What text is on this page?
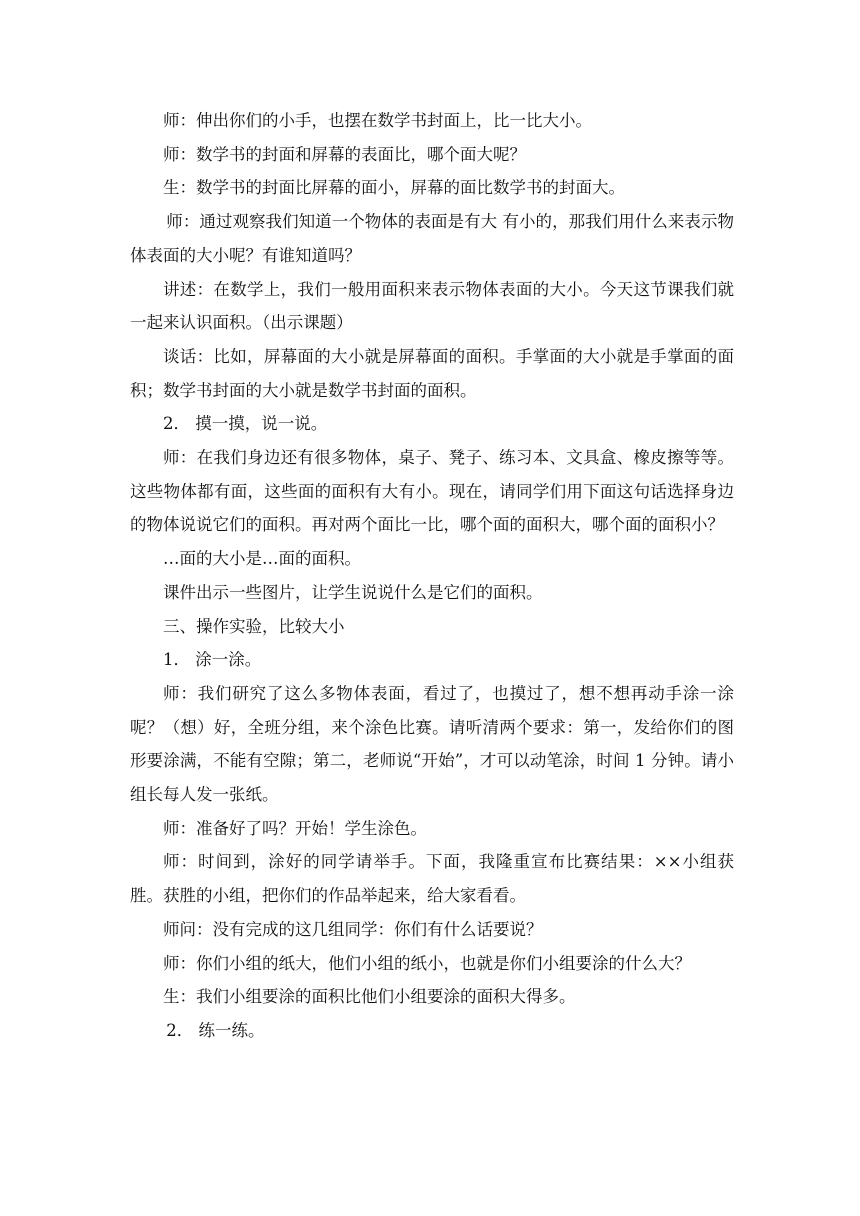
师：伸出你们的小手，也摆在数学书封面上，比一比大小。

师：数学书的封面和屏幕的表面比，哪个面大呢？

生：数学书的封面比屏幕的面小，屏幕的面比数学书的封面大。

师：通过观察我们知道一个物体的表面是有大 有小的，那我们用什么来表示物体表面的大小呢？有谁知道吗？

讲述：在数学上，我们一般用面积来表示物体表面的大小。今天这节课我们就一起来认识面积。（出示课题）

谈话：比如，屏幕面的大小就是屏幕面的面积。手掌面的大小就是手掌面的面积；数学书封面的大小就是数学书封面的面积。

2． 摸一摸，说一说。

师：在我们身边还有很多物体，桌子、凳子、练习本、文具盒、橡皮擦等等。这些物体都有面，这些面的面积有大有小。现在，请同学们用下面这句话选择身边的物体说说它们的面积。再对两个面比一比，哪个面的面积大，哪个面的面积小？

…面的大小是…面的面积。

课件出示一些图片，让学生说说什么是它们的面积。

三、操作实验，比较大小

1． 涂一涂。

师：我们研究了这么多物体表面，看过了，也摸过了，想不想再动手涂一涂呢？（想）好，全班分组，来个涂色比赛。请听清两个要求：第一，发给你们的图形要涂满，不能有空隙；第二，老师说“开始”，才可以动笔涂，时间 1 分钟。请小组长每人发一张纸。

师：准备好了吗？开始！学生涂色。

师：时间到，涂好的同学请举手。下面，我隆重宣布比赛结果：××小组获胜。获胜的小组，把你们的作品举起来，给大家看看。

师问：没有完成的这几组同学：你们有什么话要说？

师：你们小组的纸大，他们小组的纸小，也就是你们小组要涂的什么大？

生：我们小组要涂的面积比他们小组要涂的面积大得多。

2． 练一练。
